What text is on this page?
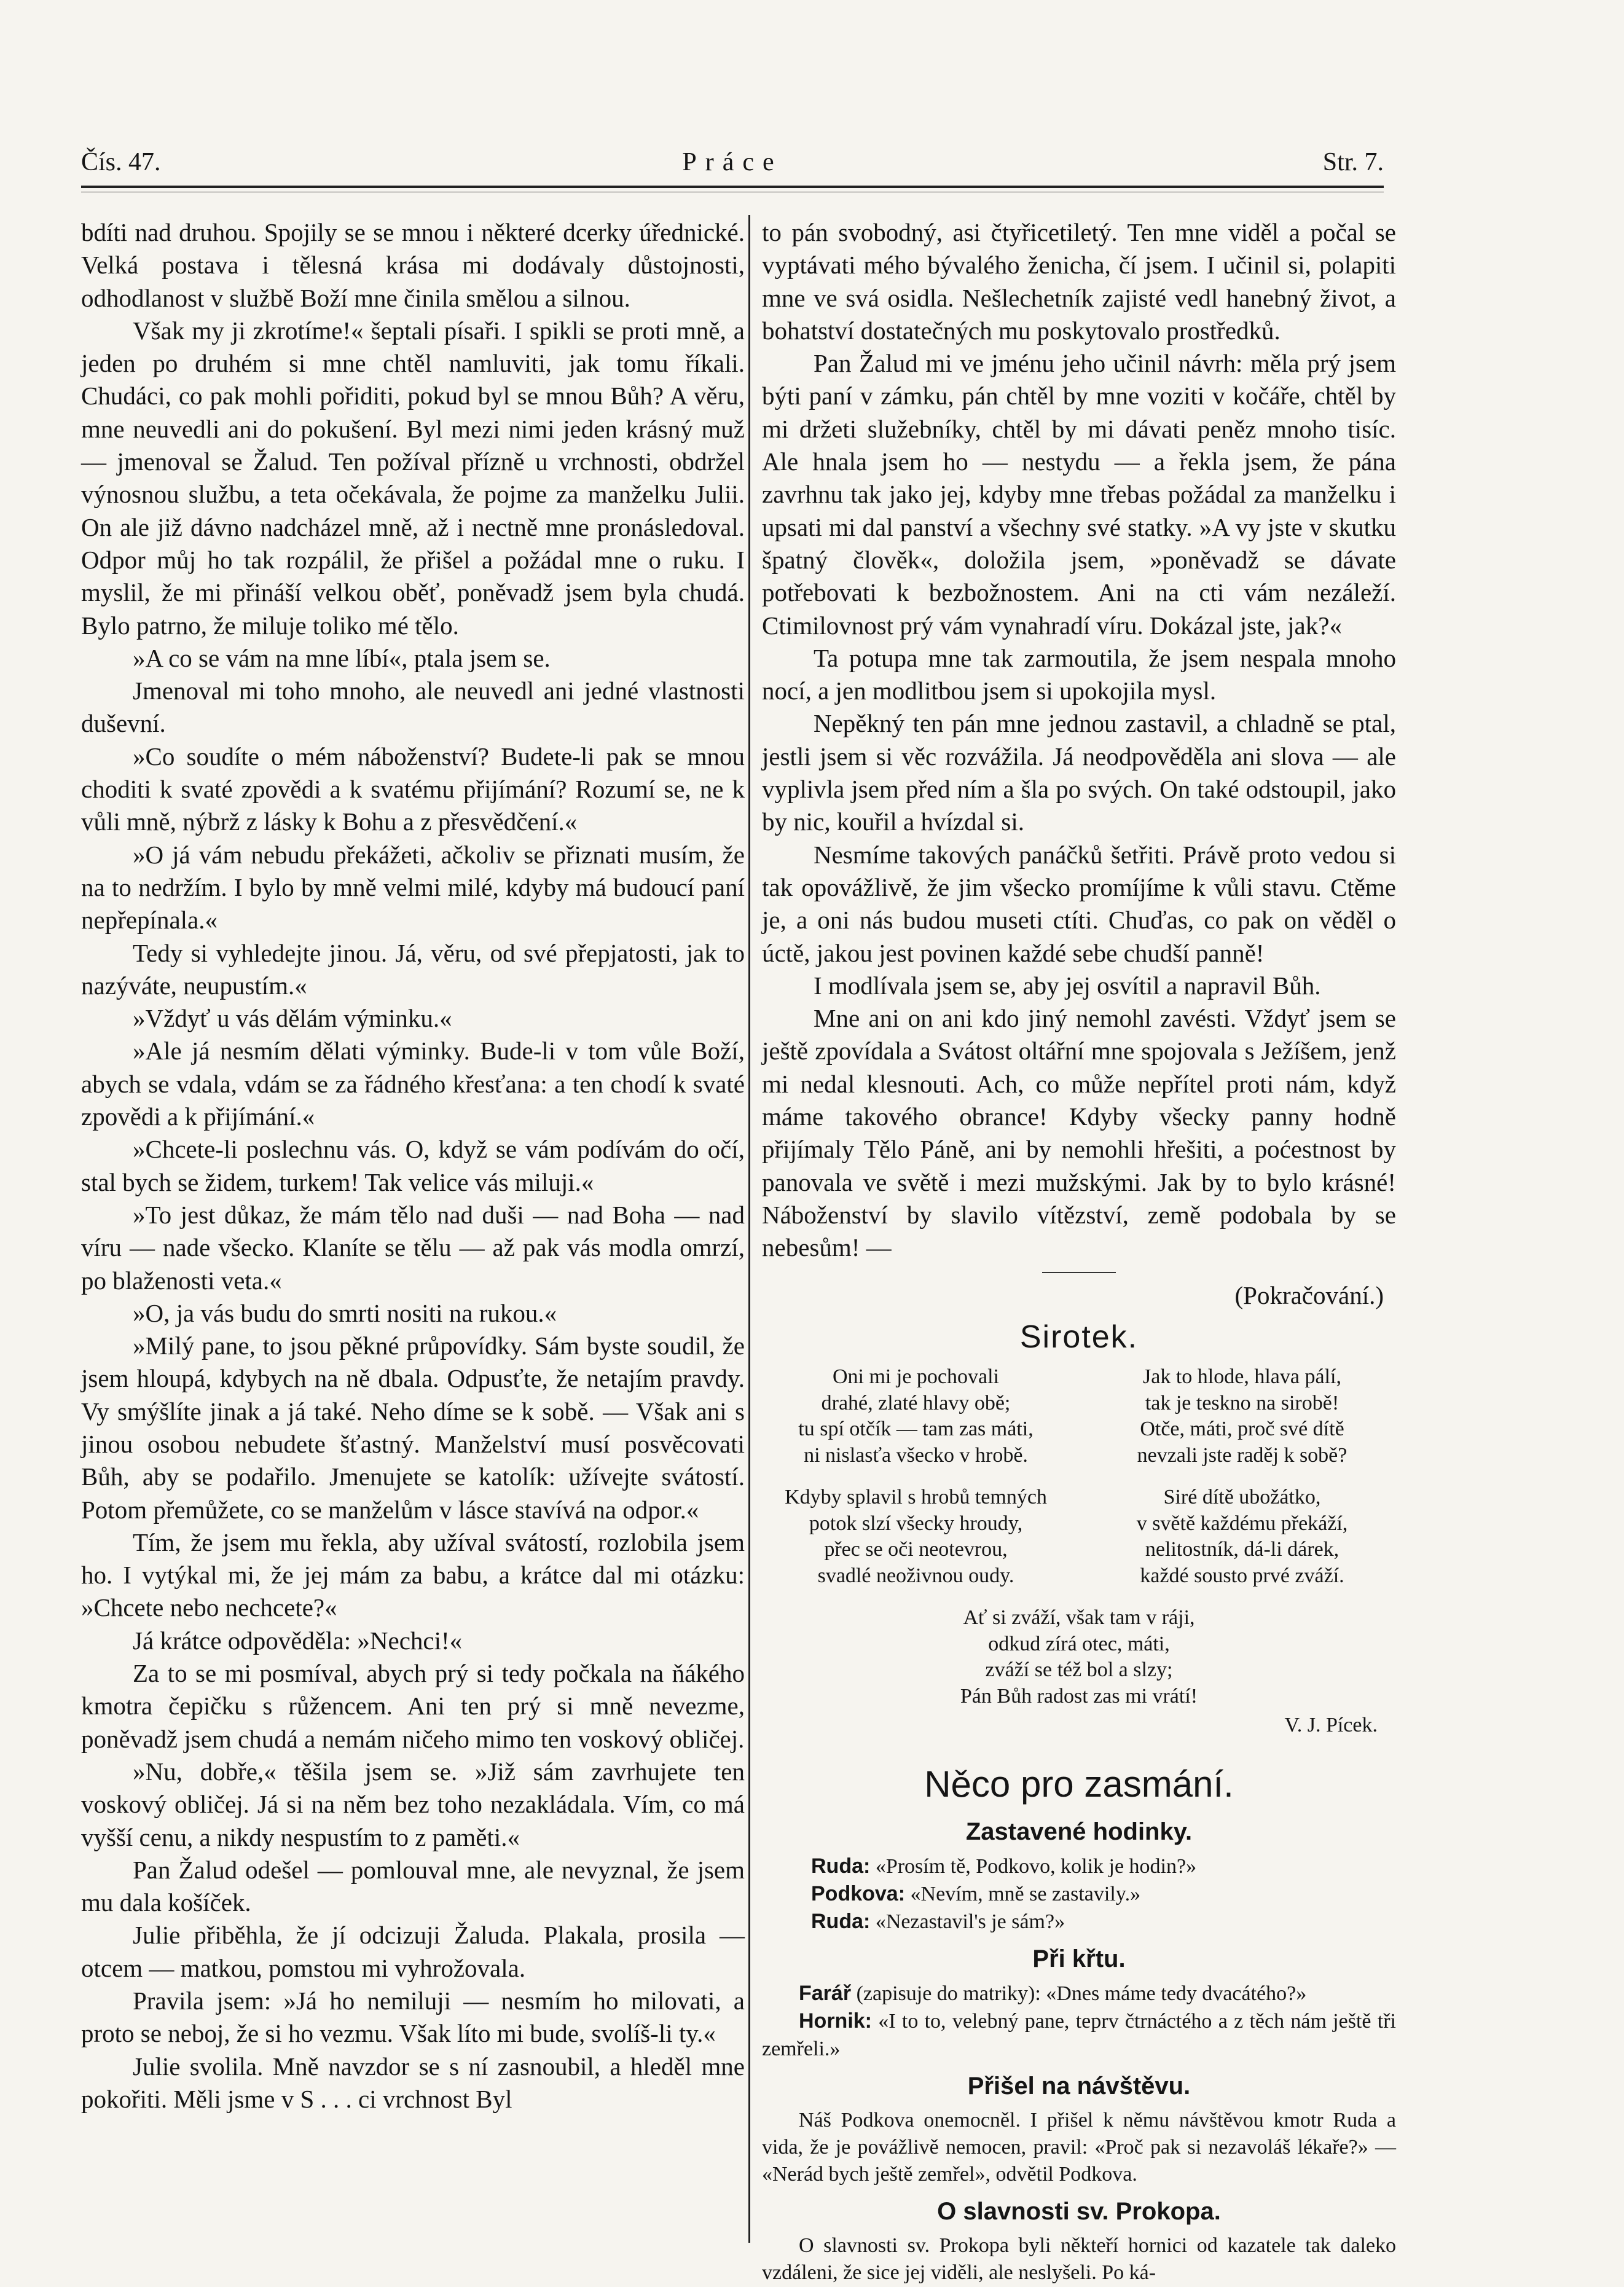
Čís. 47.	Práce	Str. 7.

bdíti nad druhou. Spojily se se mnou i některé dcerky úřednické. Velká postava i tělesná krása mi dodávaly důstojnosti, odhodlanost v službě Boží mne činila smělou a silnou.

Však my ji zkrotíme!« šeptali písaři. I spikli se proti mně, a jeden po druhém si mne chtěl namluviti, jak tomu říkali. Chudáci, co pak mohli pořiditi, pokud byl se mnou Bůh? A věru, mne neuvedli ani do pokušení. Byl mezi nimi jeden krásný muž — jmenoval se Žalud. Ten požíval přízně u vrchnosti, obdržel výnosnou službu, a teta očekávala, že pojme za manželku Julii. On ale již dávno nadcházel mně, až i nectně mne pronásledoval. Odpor můj ho tak rozpálil, že přišel a požádal mne o ruku. I myslil, že mi přináší velkou oběť, poněvadž jsem byla chudá. Bylo patrno, že miluje toliko mé tělo.

»A co se vám na mne líbí«, ptala jsem se.

Jmenoval mi toho mnoho, ale neuvedl ani jedné vlastnosti duševní.

»Co soudíte o mém náboženství? Budete-li pak se mnou choditi k svaté zpovědi a k svatému přijímání? Rozumí se, ne k vůli mně, nýbrž z lásky k Bohu a z přesvědčení.«

»O já vám nebudu překážeti, ačkoliv se přiznati musím, že na to nedržím. I bylo by mně velmi milé, kdyby má budoucí paní nepřepínala.«

Tedy si vyhledejte jinou. Já, věru, od své přepjatosti, jak to nazýváte, neupustím.«

»Vždyť u vás dělám výminku.«

»Ale já nesmím dělati výminky. Bude-li v tom vůle Boží, abych se vdala, vdám se za řádného křesťana: a ten chodí k svaté zpovědi a k přijímání.«

»Chcete-li poslechnu vás. O, když se vám podívám do očí, stal bych se židem, turkem! Tak velice vás miluji.«

»To jest důkaz, že mám tělo nad duši — nad Boha — nad víru — nade všecko. Klaníte se tělu — až pak vás modla omrzí, po blaženosti veta.«

»O, ja vás budu do smrti nositi na rukou.«

»Milý pane, to jsou pěkné průpovídky. Sám byste soudil, že jsem hloupá, kdybych na ně dbala. Odpusťte, že netajím pravdy. Vy smýšlíte jinak a já také. Neho díme se k sobě. — Však ani s jinou osobou nebudete šťastný. Manželství musí posvěcovati Bůh, aby se podařilo. Jmenujete se katolík: užívejte svátostí. Potom přemůžete, co se manželům v lásce stavívá na odpor.«

Tím, že jsem mu řekla, aby užíval svátostí, rozlobila jsem ho. I vytýkal mi, že jej mám za babu, a krátce dal mi otázku: »Chcete nebo nechcete?«

Já krátce odpověděla: »Nechci!«

Za to se mi posmíval, abych prý si tedy počkala na ňákého kmotra čepičku s růžencem. Ani ten prý si mně nevezme, poněvadž jsem chudá a nemám ničeho mimo ten voskový obličej.

»Nu, dobře,« těšila jsem se. »Již sám zavrhujete ten voskový obličej. Já si na něm bez toho nezakládala. Vím, co má vyšší cenu, a nikdy nespustím to z paměti.«

Pan Žalud odešel — pomlouval mne, ale nevyznal, že jsem mu dala košíček.

Julie přiběhla, že jí odcizuji Žaluda. Plakala, prosila — otcem — matkou, pomstou mi vyhrožovala.

Pravila jsem: »Já ho nemiluji — nesmím ho milovati, a proto se neboj, že si ho vezmu. Však líto mi bude, svolíš-li ty.«

Julie svolila. Mně navzdor se s ní zasnoubil, a hleděl mne pokořiti. Měli jsme v S . . . ci vrchnost Byl

to pán svobodný, asi čtyřicetiletý. Ten mne viděl a počal se vyptávati mého bývalého ženicha, čí jsem. I učinil si, polapiti mne ve svá osidla. Nešlechetník zajisté vedl hanebný život, a bohatství dostatečných mu poskytovalo prostředků.

Pan Žalud mi ve jménu jeho učinil návrh: měla prý jsem býti paní v zámku, pán chtěl by mne voziti v kočáře, chtěl by mi držeti služebníky, chtěl by mi dávati peněz mnoho tisíc. Ale hnala jsem ho — nestydu — a řekla jsem, že pána zavrhnu tak jako jej, kdyby mne třebas požádal za manželku i upsati mi dal panství a všechny své statky. »A vy jste v skutku špatný člověk«, doložila jsem, »poněvadž se dávate potřebovati k bezbožnostem. Ani na cti vám nezáleží. Ctimilovnost prý vám vynahradí víru. Dokázal jste, jak?«

Ta potupa mne tak zarmoutila, že jsem nespala mnoho nocí, a jen modlitbou jsem si upokojila mysl.

Nepěkný ten pán mne jednou zastavil, a chladně se ptal, jestli jsem si věc rozvážila. Já neodpověděla ani slova — ale vyplivla jsem před ním a šla po svých. On také odstoupil, jako by nic, kouřil a hvízdal si.

Nesmíme takových panáčků šetřiti. Právě proto vedou si tak opovážlivě, že jim všecko promíjíme k vůli stavu. Ctěme je, a oni nás budou museti ctíti. Chuďas, co pak on věděl o úctě, jakou jest povinen každé sebe chudší panně!

I modlívala jsem se, aby jej osvítil a napravil Bůh.

Mne ani on ani kdo jiný nemohl zavésti. Vždyť jsem se ještě zpovídala a Svátost oltářní mne spojovala s Ježíšem, jenž mi nedal klesnouti. Ach, co může nepřítel proti nám, když máme takového obrance! Kdyby všecky panny hodně přijímaly Tělo Páně, ani by nemohli hřešiti, a poćestnost by panovala ve světě i mezi mužskými. Jak by to bylo krásné! Náboženství by slavilo vítězství, země podobala by se nebesům! —

(Pokračování.)

Sirotek.
Oni mi je pochovali
drahé, zlaté hlavy obě;
tu spí otčík — tam zas máti,
ni nislasťa všecko v hrobě.
Jak to hlode, hlava pálí,
tak je teskno na sirobě!
Otče, máti, proč své dítě
nevzali jste raděj k sobě?
Kdyby splavil s hrobů temných
potok slzí všecky hroudy,
přec se oči neotevrou,
svadlé neoživnou oudy.
Siré dítě ubožátko,
v světě každému překáží,
nelitostník, dá-li dárek,
každé sousto prvé zváží.
Ať si zváží, však tam v ráji,
odkud zírá otec, máti,
zváží se též bol a slzy;
Pán Bůh radost zas mi vrátí!
V. J. Pícek.
Něco pro zasmání.
Zastavené hodinky.
Ruda: «Prosím tě, Podkovo, kolik je hodin?»
Podkova: «Nevím, mně se zastavily.»
Ruda: «Nezastavil's je sám?»
Při křtu.
Farář (zapisuje do matriky): «Dnes máme tedy dvacátého?»
Hornik: «I to to, velebný pane, teprv čtrnáctého a z těch nám ještě tři zemřeli.»
Přišel na návštěvu.
Náš Podkova onemocněl. I přišel k němu návštěvou kmotr Ruda a vida, že je povážlivě nemocen, pravil: «Proč pak si nezavoláš lékaře?» — «Nerád bych ještě zemřel», odvětil Podkova.
O slavnosti sv. Prokopa.
O slavnosti sv. Prokopa byli někteří hornici od kazatele tak daleko vzdáleni, že sice jej viděli, ale neslyšeli. Po ká-
